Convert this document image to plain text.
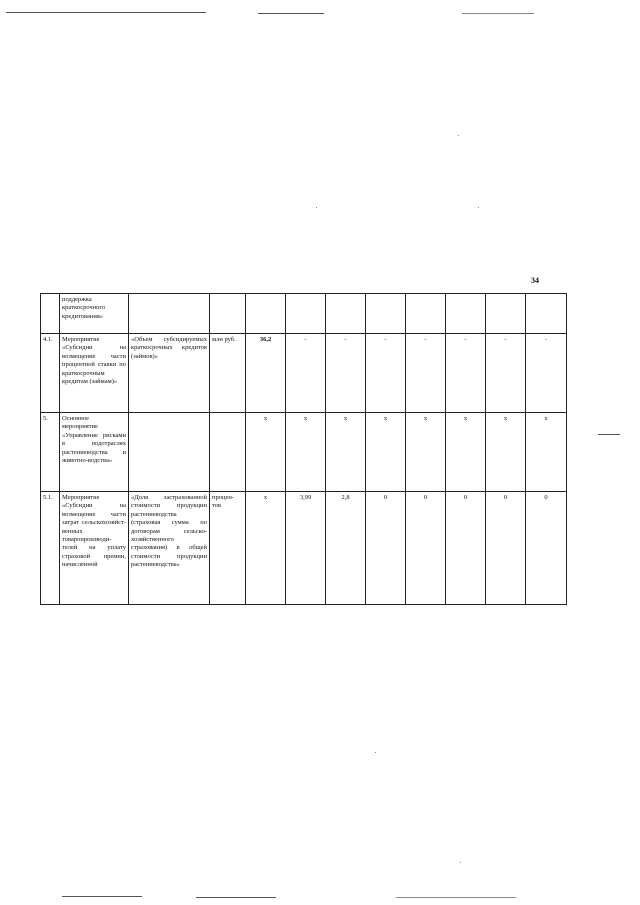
34
	поддержка краткосрочного кредитования»										
4.1.	Мероприятие «Субсидии на возмещение части процентной ставки по краткосрочным кредитам (займам)»	«Объем субсидируемых краткосрочных кредитов (займов)»	млн руб.	36,2	-	-	-	-	-	-	-
5.	Основное мероприятие «Управление рисками в подотраслях растениеводства и животно-водства»			x	x	x	x	x	x	x	x
5.1.	Мероприятие «Субсидии на возмещение части затрат сельскохозяйст-венных товаропроизводи-телей на уплату страховой премии, начисленной	«Доля застрахованной стоимости продукции растениеводства (страховая сумма по договорам сельско-хозяйственного страхования) в общей стоимости продукции растениеводства»	процен-тов	x	3,99	2,8	0	0	0	0	0
